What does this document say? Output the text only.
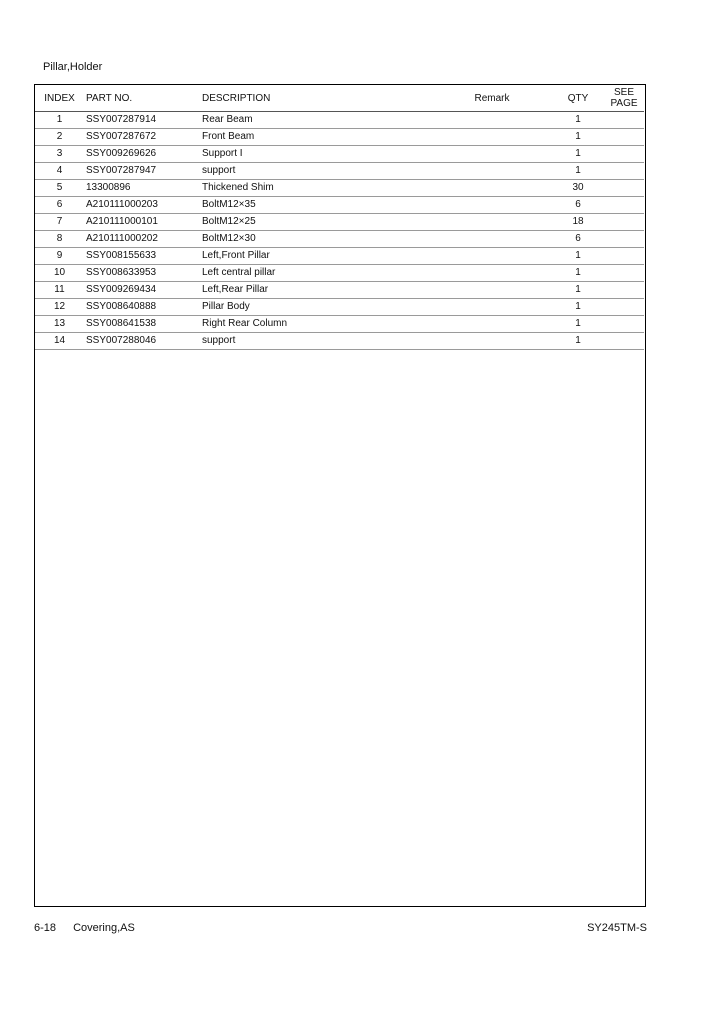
Pillar,Holder
INDEX	PART NO.	DESCRIPTION	Remark	QTY	SEE
PAGE
1	SSY007287914	Rear Beam		1	
2	SSY007287672	Front Beam		1	
3	SSY009269626	Support I		1	
4	SSY007287947	support		1	
5	13300896	Thickened Shim		30	
6	A210111000203	BoltM12×35		6	
7	A210111000101	BoltM12×25		18	
8	A210111000202	BoltM12×30		6	
9	SSY008155633	Left,Front Pillar		1	
10	SSY008633953	Left central pillar		1	
11	SSY009269434	Left,Rear Pillar		1	
12	SSY008640888	Pillar Body		1	
13	SSY008641538	Right Rear Column		1	
14	SSY007288046	support		1	
6-18 Covering,AS	SY245TM-S
